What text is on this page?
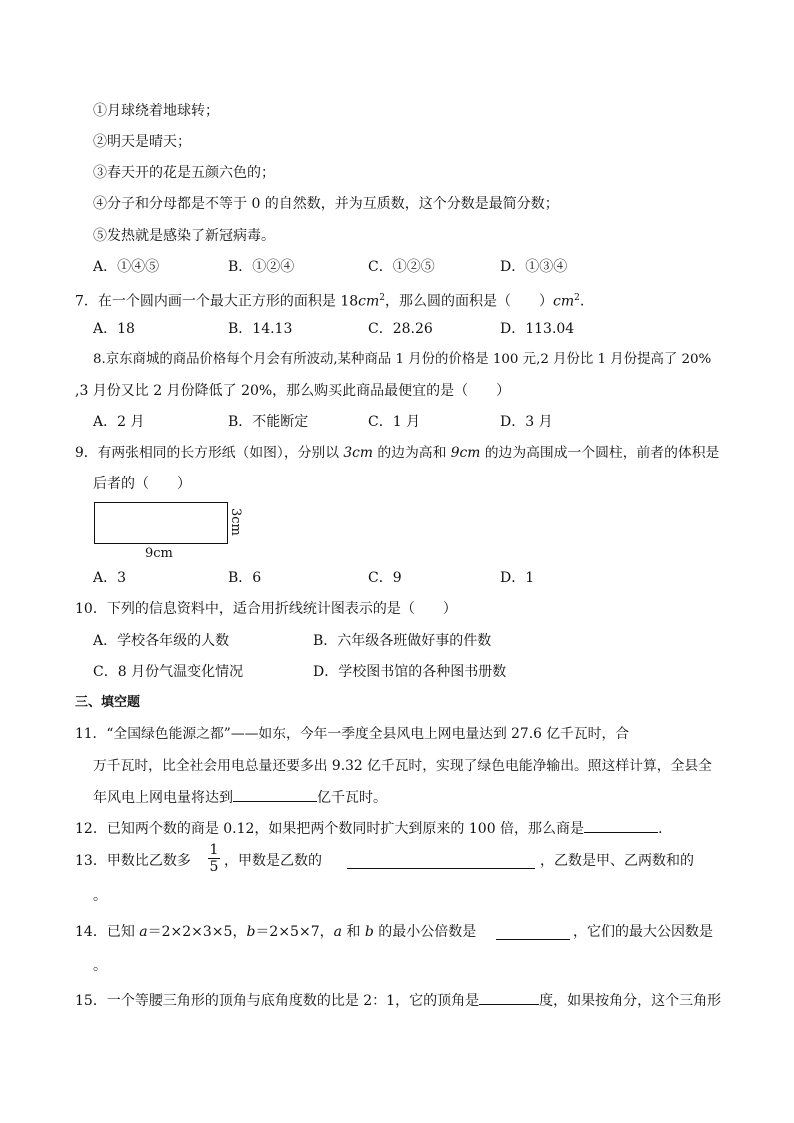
①月球绕着地球转；
②明天是晴天；
③春天开的花是五颜六色的；
④分子和分母都是不等于 0 的自然数，并为互质数，这个分数是最简分数；
⑤发热就是感染了新冠病毒。
A．①④⑤	B．①②④	C．①②⑤	D．①③④
7．在一个圆内画一个最大正方形的面积是 $18cm^2$，那么圆的面积是（　　）$cm^2$.
A．18	B．14.13	C．28.26	D．113.04
8.京东商城的商品价格每个月会有所波动,某种商品 1 月份的价格是 100 元,2 月份比 1 月份提高了 20%
,3 月份又比 2 月份降低了 20%，那么购买此商品最便宜的是（　　）
A．2 月	B．不能断定	C．1 月	D．3 月
9．有两张相同的长方形纸（如图），分别以 3cm 的边为高和 9cm 的边为高围成一个圆柱，前者的体积是
后者的（　　）
9cm
3cm
A．3	B．6	C．9	D．1
10．下列的信息资料中，适合用折线统计图表示的是（　　）
A．学校各年级的人数	B．六年级各班做好事的件数
C．8 月份气温变化情况	D．学校图书馆的各种图书册数
三、填空题
11．“全国绿色能源之都”——如东，今年一季度全县风电上网电量达到 27.6 亿千瓦时，合
万千瓦时，比全社会用电总量还要多出 9.32 亿千瓦时，实现了绿色电能净输出。照这样计算，全县全
年风电上网电量将达到	亿千瓦时。
12．已知两个数的商是 0.12，如果把两个数同时扩大到原来的 100 倍，那么商是	．
13．甲数比乙数多
1
5 ，甲数是乙数的	，乙数是甲、乙两数和的
。
14．已知 a＝2×2×3×5，b＝2×5×7，a 和 b 的最小公倍数是	，它们的最大公因数是
。
15．一个等腰三角形的顶角与底角度数的比是 2：1，它的顶角是	度，如果按角分，这个三角形
